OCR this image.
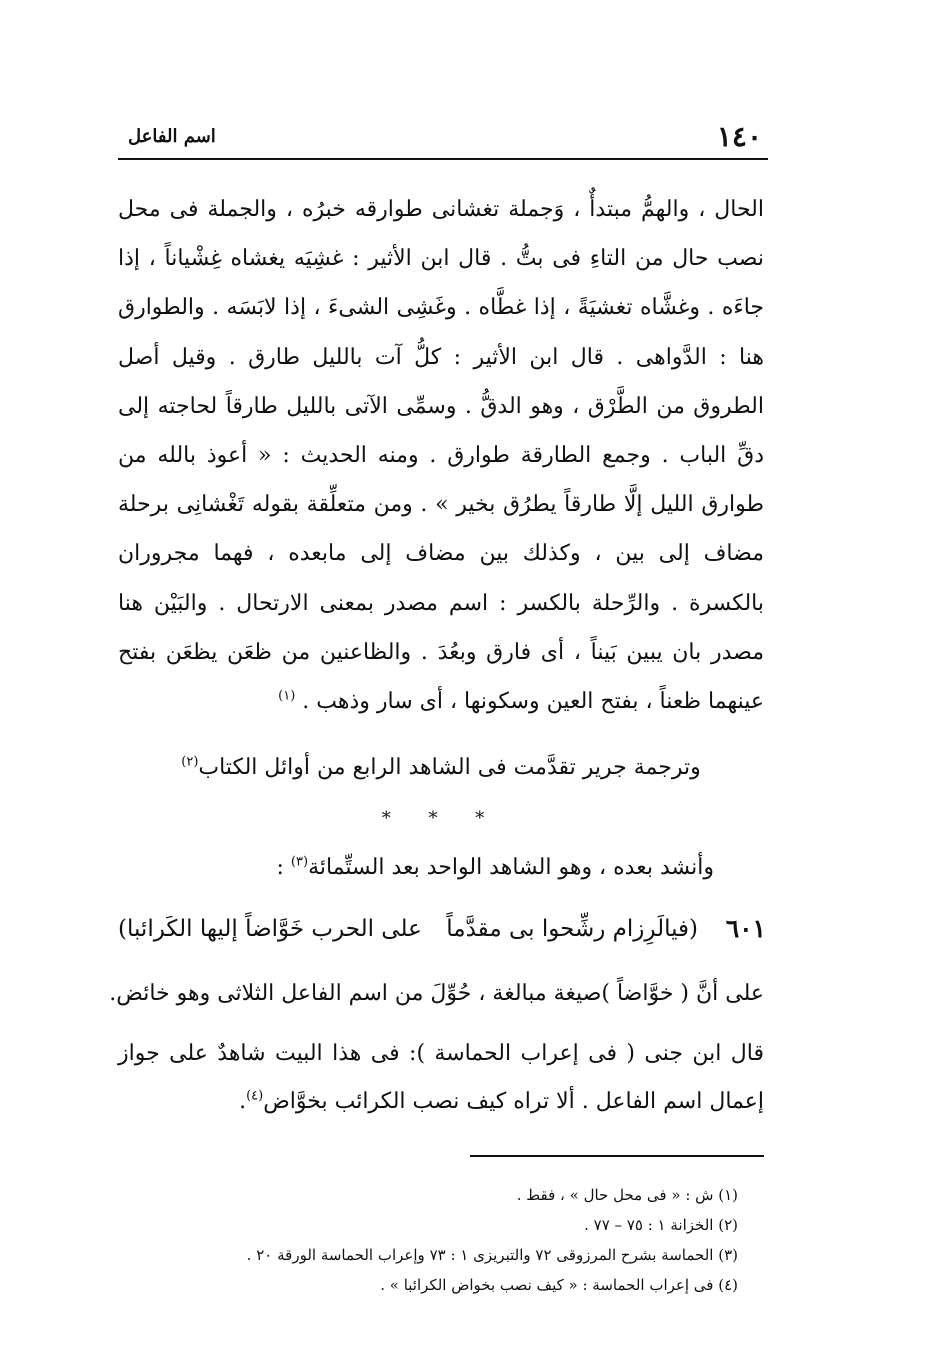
١٤٠
اسم الفاعل

الحال ، والهمُّ مبتدأٌ ، وَجملة تغشانى طوارقه خبرُه ، والجملة فى محل نصب حال من التاءِ فى بتُّ . قال ابن الأثير : غشِيَه يغشاه غِشْياناً ، إذا جاءَه . وغشَّاه تغشيَةً ، إذا غطَّاه . وغَشِى الشىءَ ، إذا لابَسَه . والطوارق هنا : الدَّواهى . قال ابن الأثير : كلُّ آت بالليل طارق . وقيل أصل الطروق من الطَّرْق ، وهو الدقُّ . وسمِّى الآتى بالليل طارقاً لحاجته إلى دقِّ الباب . وجمع الطارقة طوارق . ومنه الحديث : « أعوذ بالله من طوارق الليل إلَّا طارقاً يطرُق بخير » . ومن متعلِّقة بقوله تَغْشانِى برحلة مضاف إلى بين ، وكذلك بين مضاف إلى مابعده ، فهما مجروران بالكسرة . والرِّحلة بالكسر : اسم مصدر بمعنى الارتحال . والبَيْن هنا مصدر بان يبين بَيناً ، أى فارق وبعُدَ . والظاعنين من ظعَن يظعَن بفتح عينهما ظعناً ، بفتح العين وسكونها ، أى سار وذهب . $^{(١)}$

وترجمة جرير تقدَّمت فى الشاهد الرابع من أوائل الكتاب$^{(٢)}$
* * *
وأنشد بعده ، وهو الشاهد الواحد بعد الستِّمائة$^{(٣)}$ :
٦٠١
(فيالَرِزام رشِّحوا بى مقدَّماً
على الحرب خَوَّاضاً إليها الكَرائبا)
على أنَّ ( خوَّاضاً )صيغة مبالغة ، حُوِّلَ من اسم الفاعل الثلاثى وهو خائض.
قال ابن جنى ( فى إعراب الحماسة ): فى هذا البيت شاهدٌ على جواز إعمال اسم الفاعل . ألا تراه كيف نصب الكرائب بخوَّاض$^{(٤)}$.
(١) ش : « فى محل حال » ، فقط .
(٢) الخزانة ١ : ٧٥ – ٧٧ .
(٣) الحماسة بشرح المرزوقى ٧٢ والتبريزى ١ : ٧٣ وإعراب الحماسة الورقة ٢٠ .
(٤) فى إعراب الحماسة : « كيف نصب بخواض الكرائبا » .
